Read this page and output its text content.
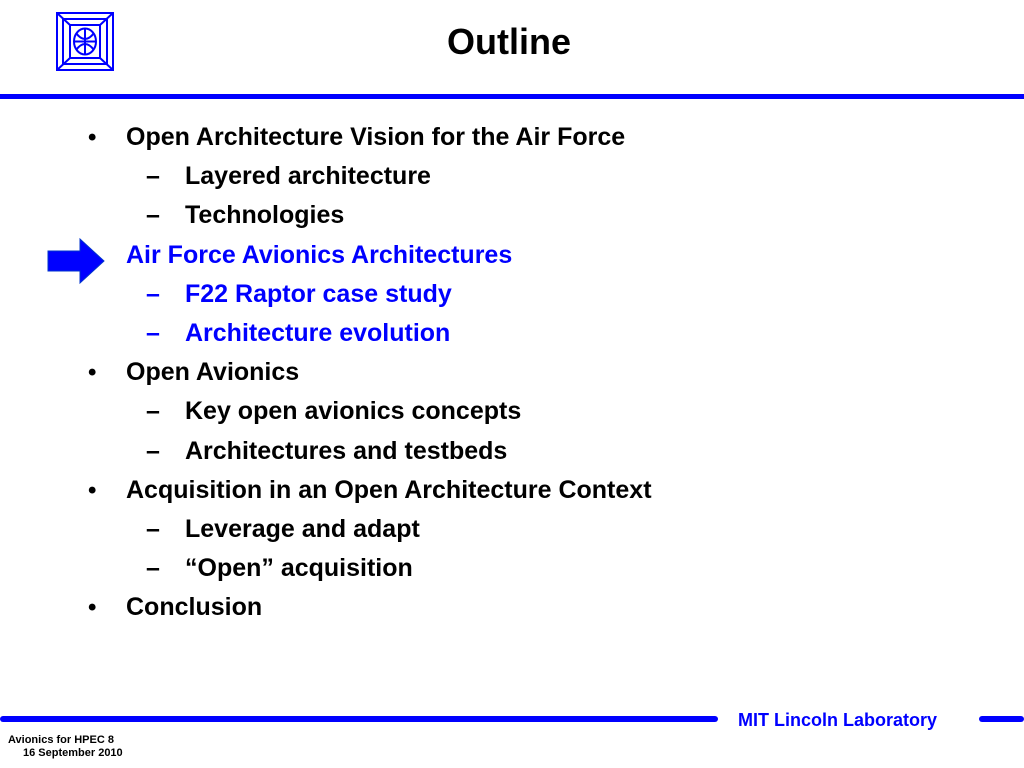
Outline
• Open Architecture Vision for the Air Force
– Layered architecture
– Technologies
Air Force Avionics Architectures
– F22 Raptor case study
– Architecture evolution
• Open Avionics
– Key open avionics concepts
– Architectures and testbeds
• Acquisition in an Open Architecture Context
– Leverage and adapt
– “Open” acquisition
• Conclusion
MIT Lincoln Laboratory
Avionics for HPEC 8
16 September 2010
